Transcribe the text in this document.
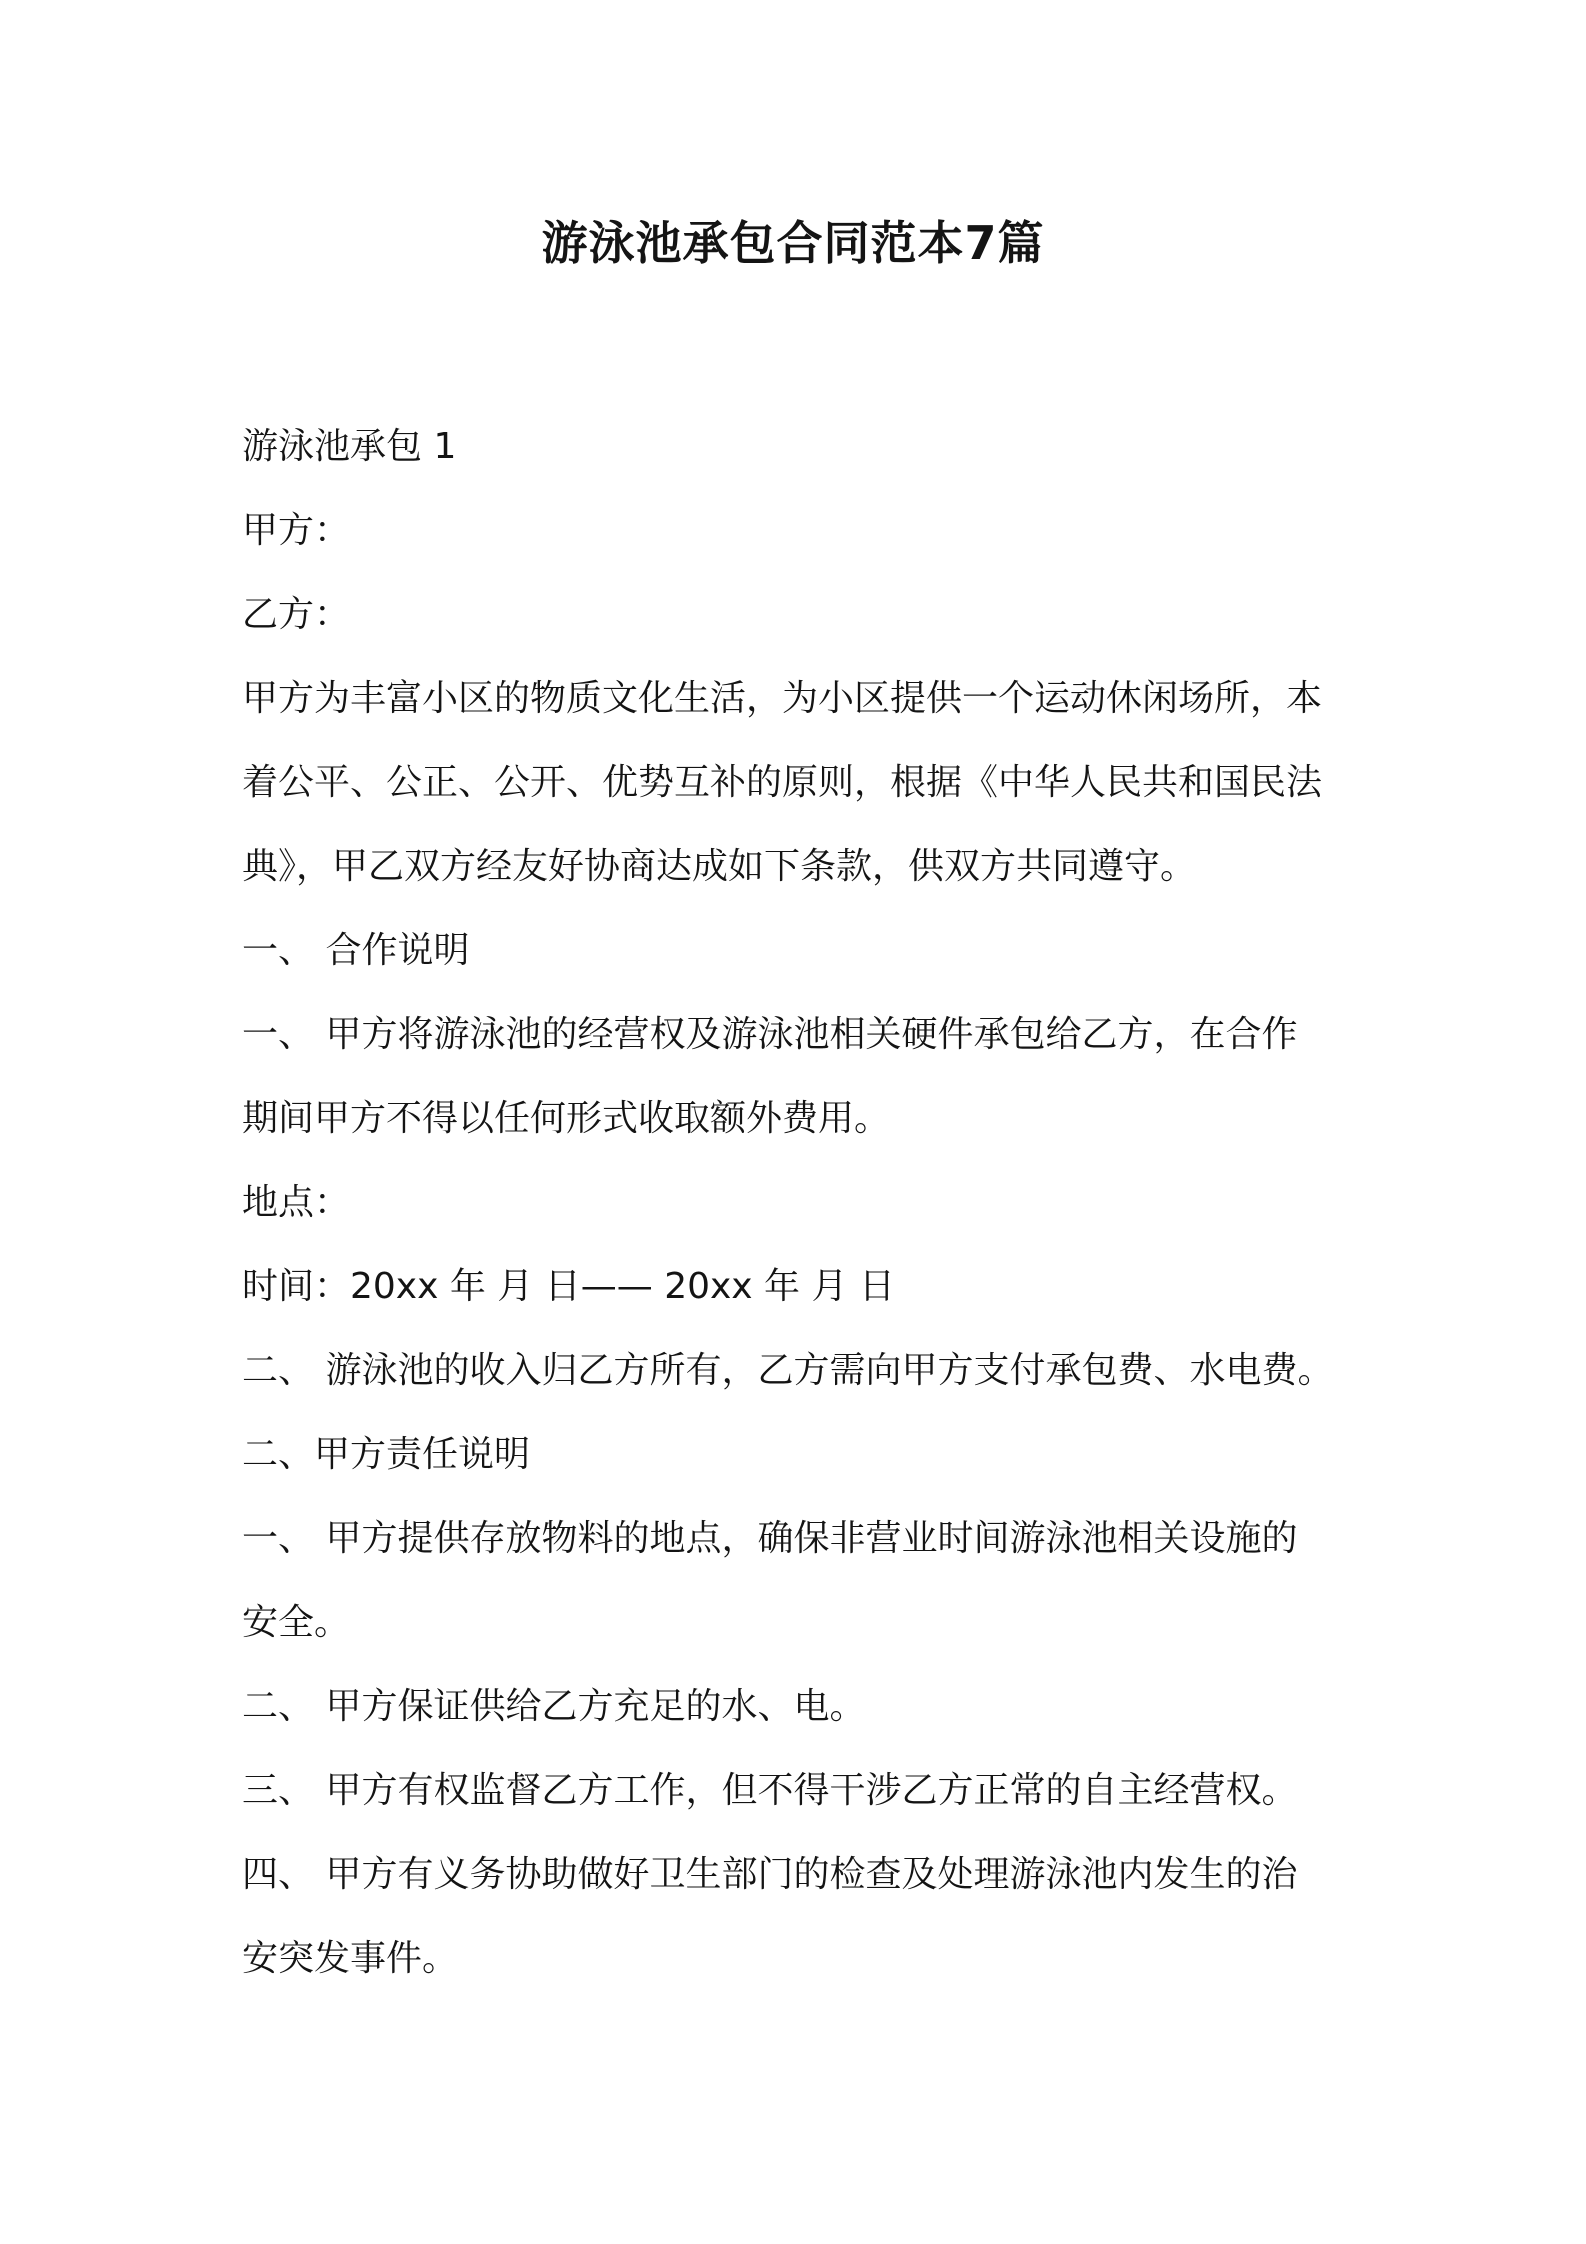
游泳池承包合同范本7篇

游泳池承包 1

甲方：

乙方：

甲方为丰富小区的物质文化生活，为小区提供一个运动休闲场所，本

着公平、公正、公开、优势互补的原则，根据《中华人民共和国民法

典》，甲乙双方经友好协商达成如下条款，供双方共同遵守。

一、 合作说明

一、 甲方将游泳池的经营权及游泳池相关硬件承包给乙方，在合作

期间甲方不得以任何形式收取额外费用。

地点：

时间：20xx 年 月 日—— 20xx 年 月 日

二、 游泳池的收入归乙方所有，乙方需向甲方支付承包费、水电费。

二、甲方责任说明

一、 甲方提供存放物料的地点，确保非营业时间游泳池相关设施的

安全。

二、 甲方保证供给乙方充足的水、电。

三、 甲方有权监督乙方工作，但不得干涉乙方正常的自主经营权。

四、 甲方有义务协助做好卫生部门的检查及处理游泳池内发生的治

安突发事件。
